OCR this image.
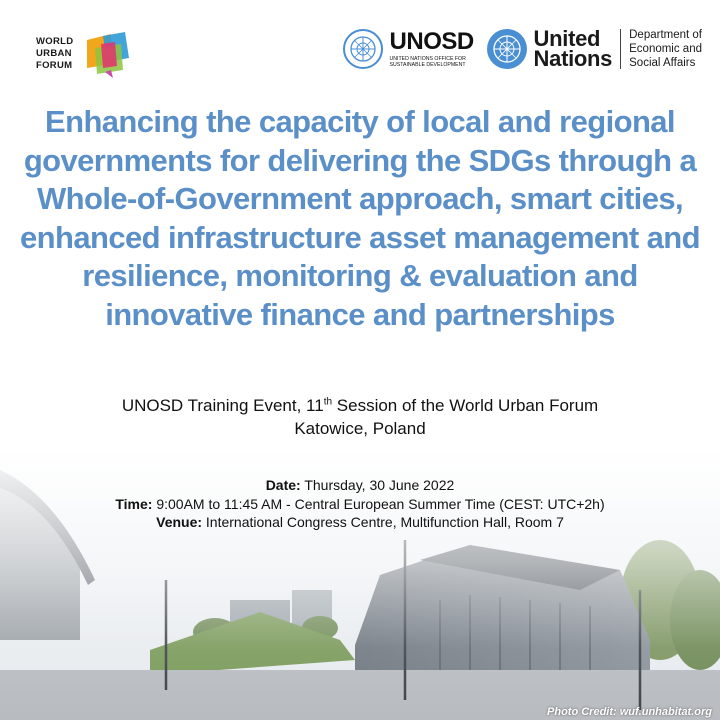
WORLD
URBAN
FORUM
UNOSD
UNITED NATIONS OFFICE FOR SUSTAINABLE DEVELOPMENT
United
Nations
Department of
Economic and
Social Affairs
Enhancing the capacity of local and regional
governments for delivering the SDGs through a
Whole-of-Government approach, smart cities,
enhanced infrastructure asset management and
resilience, monitoring & evaluation and
innovative finance and partnerships
UNOSD Training Event, 11th Session of the World Urban Forum
Katowice, Poland
Date: Thursday, 30 June 2022
Time: 9:00AM to 11:45 AM - Central European Summer Time (CEST: UTC+2h)
Venue: International Congress Centre, Multifunction Hall, Room 7
Photo Credit: wuf.unhabitat.org
